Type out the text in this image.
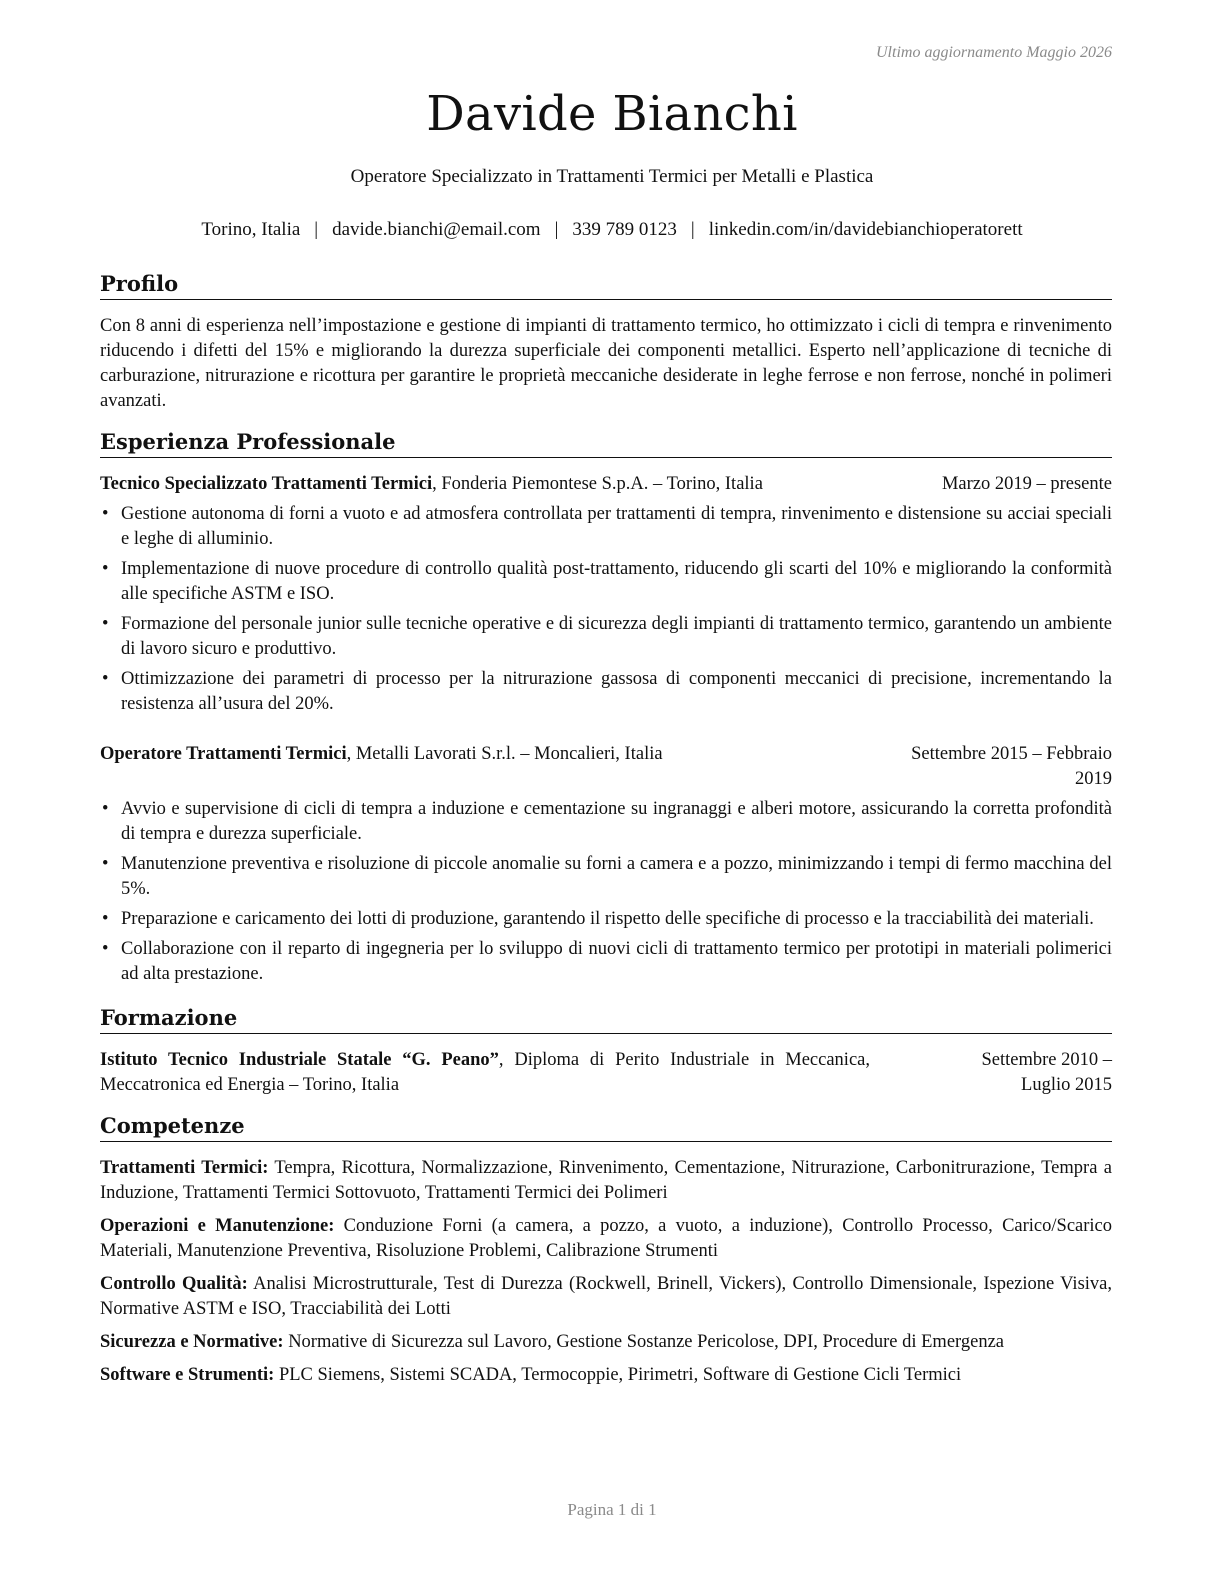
Ultimo aggiornamento Maggio 2026
Davide Bianchi
Operatore Specializzato in Trattamenti Termici per Metalli e Plastica
Torino, Italia | davide.bianchi@email.com | 339 789 0123 | linkedin.com/in/davidebianchioperatorett
Profilo

Con 8 anni di esperienza nell’impostazione e gestione di impianti di trattamento termico, ho ottimizzato i cicli di tempra e rinvenimento riducendo i difetti del 15% e migliorando la durezza superficiale dei componenti metallici. Esperto nell’applicazione di tecniche di carburazione, nitrurazione e ricottura per garantire le proprietà meccaniche desiderate in leghe ferrose e non ferrose, nonché in polimeri avanzati.

Esperienza Professionale
Tecnico Specializzato Trattamenti Termici, Fonderia Piemontese S.p.A. – Torino, Italia	Marzo 2019 – presente
• Gestione autonoma di forni a vuoto e ad atmosfera controllata per trattamenti di tempra, rinvenimento e distensione su acciai speciali e leghe di alluminio.
• Implementazione di nuove procedure di controllo qualità post-trattamento, riducendo gli scarti del 10% e migliorando la conformità alle specifiche ASTM e ISO.
• Formazione del personale junior sulle tecniche operative e di sicurezza degli impianti di trattamento termico, garantendo un ambiente di lavoro sicuro e produttivo.
• Ottimizzazione dei parametri di processo per la nitrurazione gassosa di componenti meccanici di precisione, incrementando la resistenza all’usura del 20%.
Operatore Trattamenti Termici, Metalli Lavorati S.r.l. – Moncalieri, Italia	Settembre 2015 – Febbraio 2019
• Avvio e supervisione di cicli di tempra a induzione e cementazione su ingranaggi e alberi motore, assicurando la corretta profondità di tempra e durezza superficiale.
• Manutenzione preventiva e risoluzione di piccole anomalie su forni a camera e a pozzo, minimizzando i tempi di fermo macchina del 5%.
• Preparazione e caricamento dei lotti di produzione, garantendo il rispetto delle specifiche di processo e la tracciabilità dei materiali.
• Collaborazione con il reparto di ingegneria per lo sviluppo di nuovi cicli di trattamento termico per prototipi in materiali polimerici ad alta prestazione.
Formazione
Istituto Tecnico Industriale Statale “G. Peano”, Diploma di Perito Industriale in Meccanica, Meccatronica ed Energia – Torino, Italia
Settembre 2010 – Luglio 2015
Competenze
Trattamenti Termici: Tempra, Ricottura, Normalizzazione, Rinvenimento, Cementazione, Nitrurazione, Carbonitrurazione, Tempra a Induzione, Trattamenti Termici Sottovuoto, Trattamenti Termici dei Polimeri
Operazioni e Manutenzione: Conduzione Forni (a camera, a pozzo, a vuoto, a induzione), Controllo Processo, Carico/Scarico Materiali, Manutenzione Preventiva, Risoluzione Problemi, Calibrazione Strumenti
Controllo Qualità: Analisi Microstrutturale, Test di Durezza (Rockwell, Brinell, Vickers), Controllo Dimensionale, Ispezione Visiva, Normative ASTM e ISO, Tracciabilità dei Lotti
Sicurezza e Normative: Normative di Sicurezza sul Lavoro, Gestione Sostanze Pericolose, DPI, Procedure di Emergenza
Software e Strumenti: PLC Siemens, Sistemi SCADA, Termocoppie, Pirimetri, Software di Gestione Cicli Termici
Pagina 1 di 1
